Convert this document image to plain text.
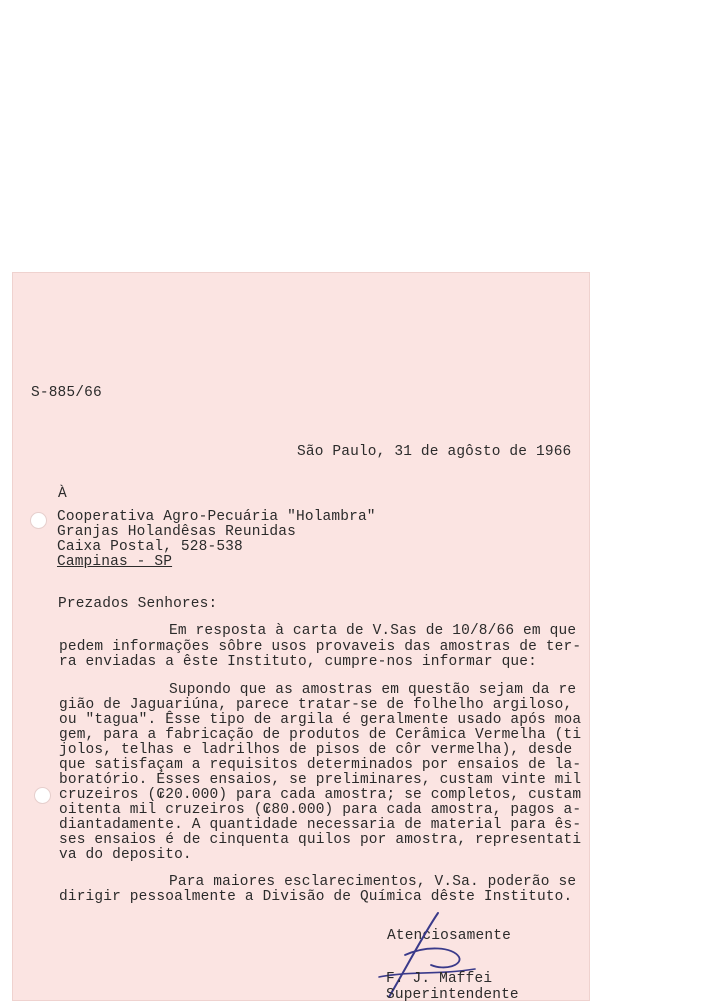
S-885/66
São Paulo, 31 de agôsto de 1966
À
Cooperativa Agro-Pecuária "Holambra"
Granjas Holandêsas Reunidas
Caixa Postal, 528-538
Campinas - SP
Prezados Senhores:
Em resposta à carta de V.Sas de 10/8/66 em que
pedem informações sôbre usos provaveis das amostras de ter-
ra enviadas a êste Instituto, cumpre-nos informar que:
Supondo que as amostras em questão sejam da re
gião de Jaguariúna, parece tratar-se de folhelho argiloso,
ou "tagua". Êsse tipo de argila é geralmente usado após moa
gem, para a fabricação de produtos de Cerâmica Vermelha (ti
jolos, telhas e ladrilhos de pisos de côr vermelha), desde
que satisfaçam a requisitos determinados por ensaios de la-
boratório. Ésses ensaios, se preliminares, custam vinte mil
cruzeiros (₢20.000) para cada amostra; se completos, custam
oitenta mil cruzeiros (₢80.000) para cada amostra, pagos a-
diantadamente. A quantidade necessaria de material para ês-
ses ensaios é de cinquenta quilos por amostra, representati
va do deposito.
Para maiores esclarecimentos, V.Sa. poderão se
dirigir pessoalmente a Divisão de Química dêste Instituto.
Atenciosamente
F. J. Maffei
Superintendente
